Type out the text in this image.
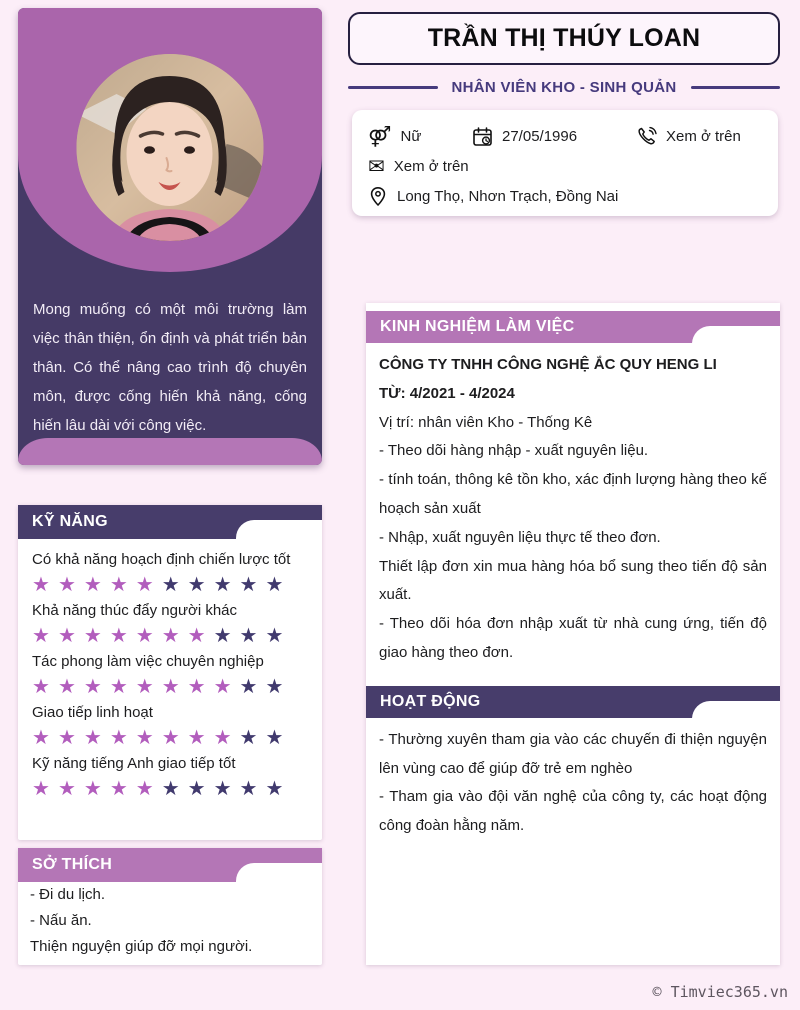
Mong muống có một môi trường làm việc thân thiện, ổn định và phát triển bản thân. Có thể nâng cao trình độ chuyên môn, được cống hiến khả năng, cống hiến lâu dài với công việc.
KỸ NĂNG
Có khả năng hoạch định chiến lược tốt
★ ★ ★ ★ ★ ★ ★ ★ ★ ★
Khả năng thúc đẩy người khác
★ ★ ★ ★ ★ ★ ★ ★ ★ ★
Tác phong làm việc chuyên nghiệp
★ ★ ★ ★ ★ ★ ★ ★ ★ ★
Giao tiếp linh hoạt
★ ★ ★ ★ ★ ★ ★ ★ ★ ★
Kỹ năng tiếng Anh giao tiếp tốt
★ ★ ★ ★ ★ ★ ★ ★ ★ ★
SỞ THÍCH

- Đi du lịch.

- Nấu ăn.

Thiện nguyện giúp đỡ mọi người.

TRẦN THỊ THÚY LOAN
NHÂN VIÊN KHO - SINH QUẢN
⚤ Nữ	27/05/1996	Xem ở trên
✉ Xem ở trên
Long Thọ, Nhơn Trạch, Đồng Nai
KINH NGHIỆM LÀM VIỆC

CÔNG TY TNHH CÔNG NGHỆ ẮC QUY HENG LI

TỪ: 4/2021 - 4/2024

Vị trí: nhân viên Kho - Thống Kê

- Theo dõi hàng nhập - xuất nguyên liệu.

- tính toán, thông kê tồn kho, xác định lượng hàng theo kế hoạch sản xuất

- Nhập, xuất nguyên liệu thực tế theo đơn.

Thiết lập đơn xin mua hàng hóa bổ sung theo tiến độ sản xuất.

- Theo dõi hóa đơn nhập xuất từ nhà cung ứng, tiến độ giao hàng theo đơn.

HOẠT ĐỘNG

- Thường xuyên tham gia vào các chuyến đi thiện nguyện lên vùng cao để giúp đỡ trẻ em nghèo

- Tham gia vào đội văn nghệ của công ty, các hoạt động công đoàn hằng năm.

© Timviec365.vn
